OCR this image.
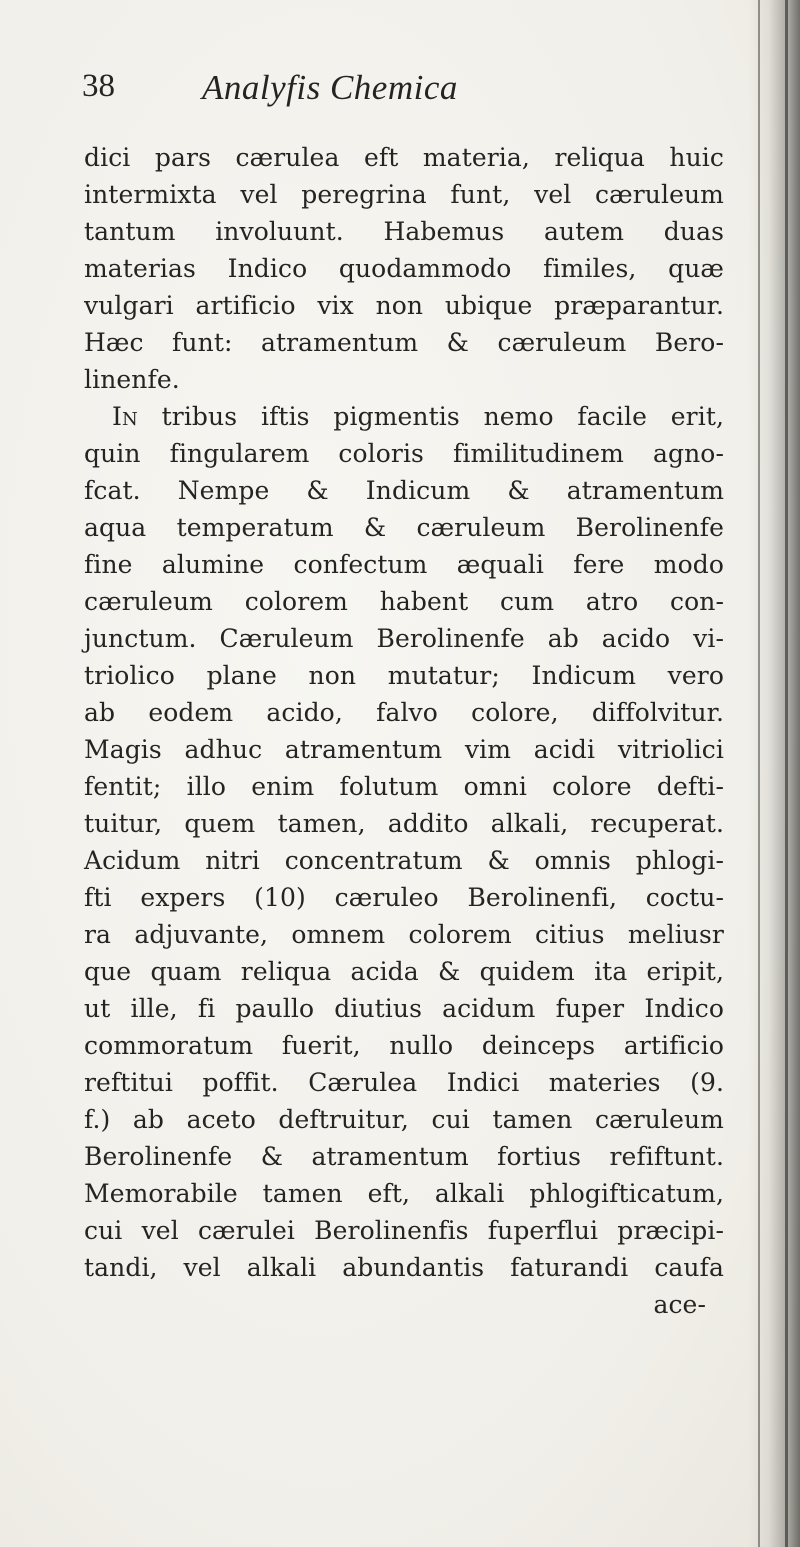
38 Analyfis Chemica
dici pars cærulea eft materia, reliqua huic
intermixta vel peregrina funt, vel cæruleum
tantum involuunt. Habemus autem duas
materias Indico quodammodo fimiles, quæ
vulgari artificio vix non ubique præparantur.
Hæc funt: atramentum & cæruleum Bero-
linenfe.
In tribus iftis pigmentis nemo facile erit,
quin fingularem coloris fimilitudinem agno-
fcat. Nempe & Indicum & atramentum
aqua temperatum & cæruleum Berolinenfe
fine alumine confectum æquali fere modo
cæruleum colorem habent cum atro con-
junctum. Cæruleum Berolinenfe ab acido vi-
triolico plane non mutatur; Indicum vero
ab eodem acido, falvo colore, diffolvitur.
Magis adhuc atramentum vim acidi vitriolici
fentit; illo enim folutum omni colore defti-
tuitur, quem tamen, addito alkali, recuperat.
Acidum nitri concentratum & omnis phlogi-
fti expers (10) cæruleo Berolinenfi, coctu-
ra adjuvante, omnem colorem citius meliusr
que quam reliqua acida & quidem ita eripit,
ut ille, fi paullo diutius acidum fuper Indico
commoratum fuerit, nullo deinceps artificio
reftitui poffit. Cærulea Indici materies (9.
f.) ab aceto deftruitur, cui tamen cæruleum
Berolinenfe & atramentum fortius refiftunt.
Memorabile tamen eft, alkali phlogifticatum,
cui vel cærulei Berolinenfis fuperflui præcipi-
tandi, vel alkali abundantis faturandi caufa
ace-
